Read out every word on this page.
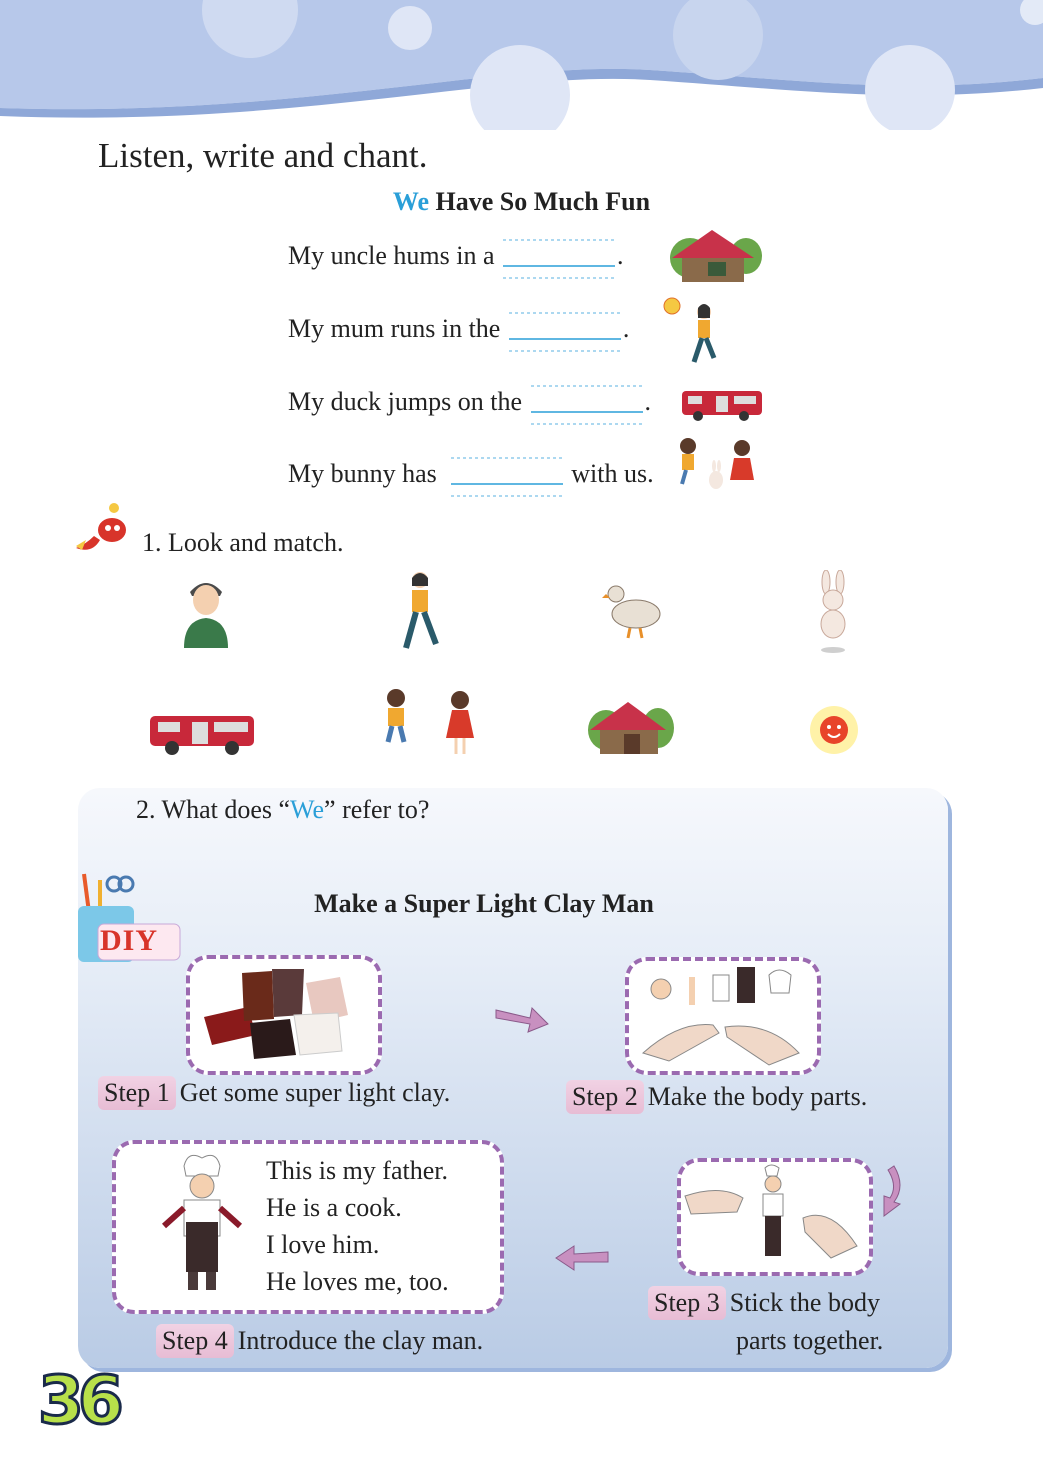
Listen, write and chant.
We Have So Much Fun
My uncle hums in a	.
My mum runs in the	.
My duck jumps on the	.
My bunny has	with us.
1. Look and match.
2. What does “We” refer to?
DIY
Make a Super Light Clay Man
Step 1 Get some super light clay.	Step 2 Make the body parts.
This is my father.
He is a cook.
I love him.
He loves me, too.
Step 3 Stick the body
parts together.
Step 4 Introduce the clay man.
36
